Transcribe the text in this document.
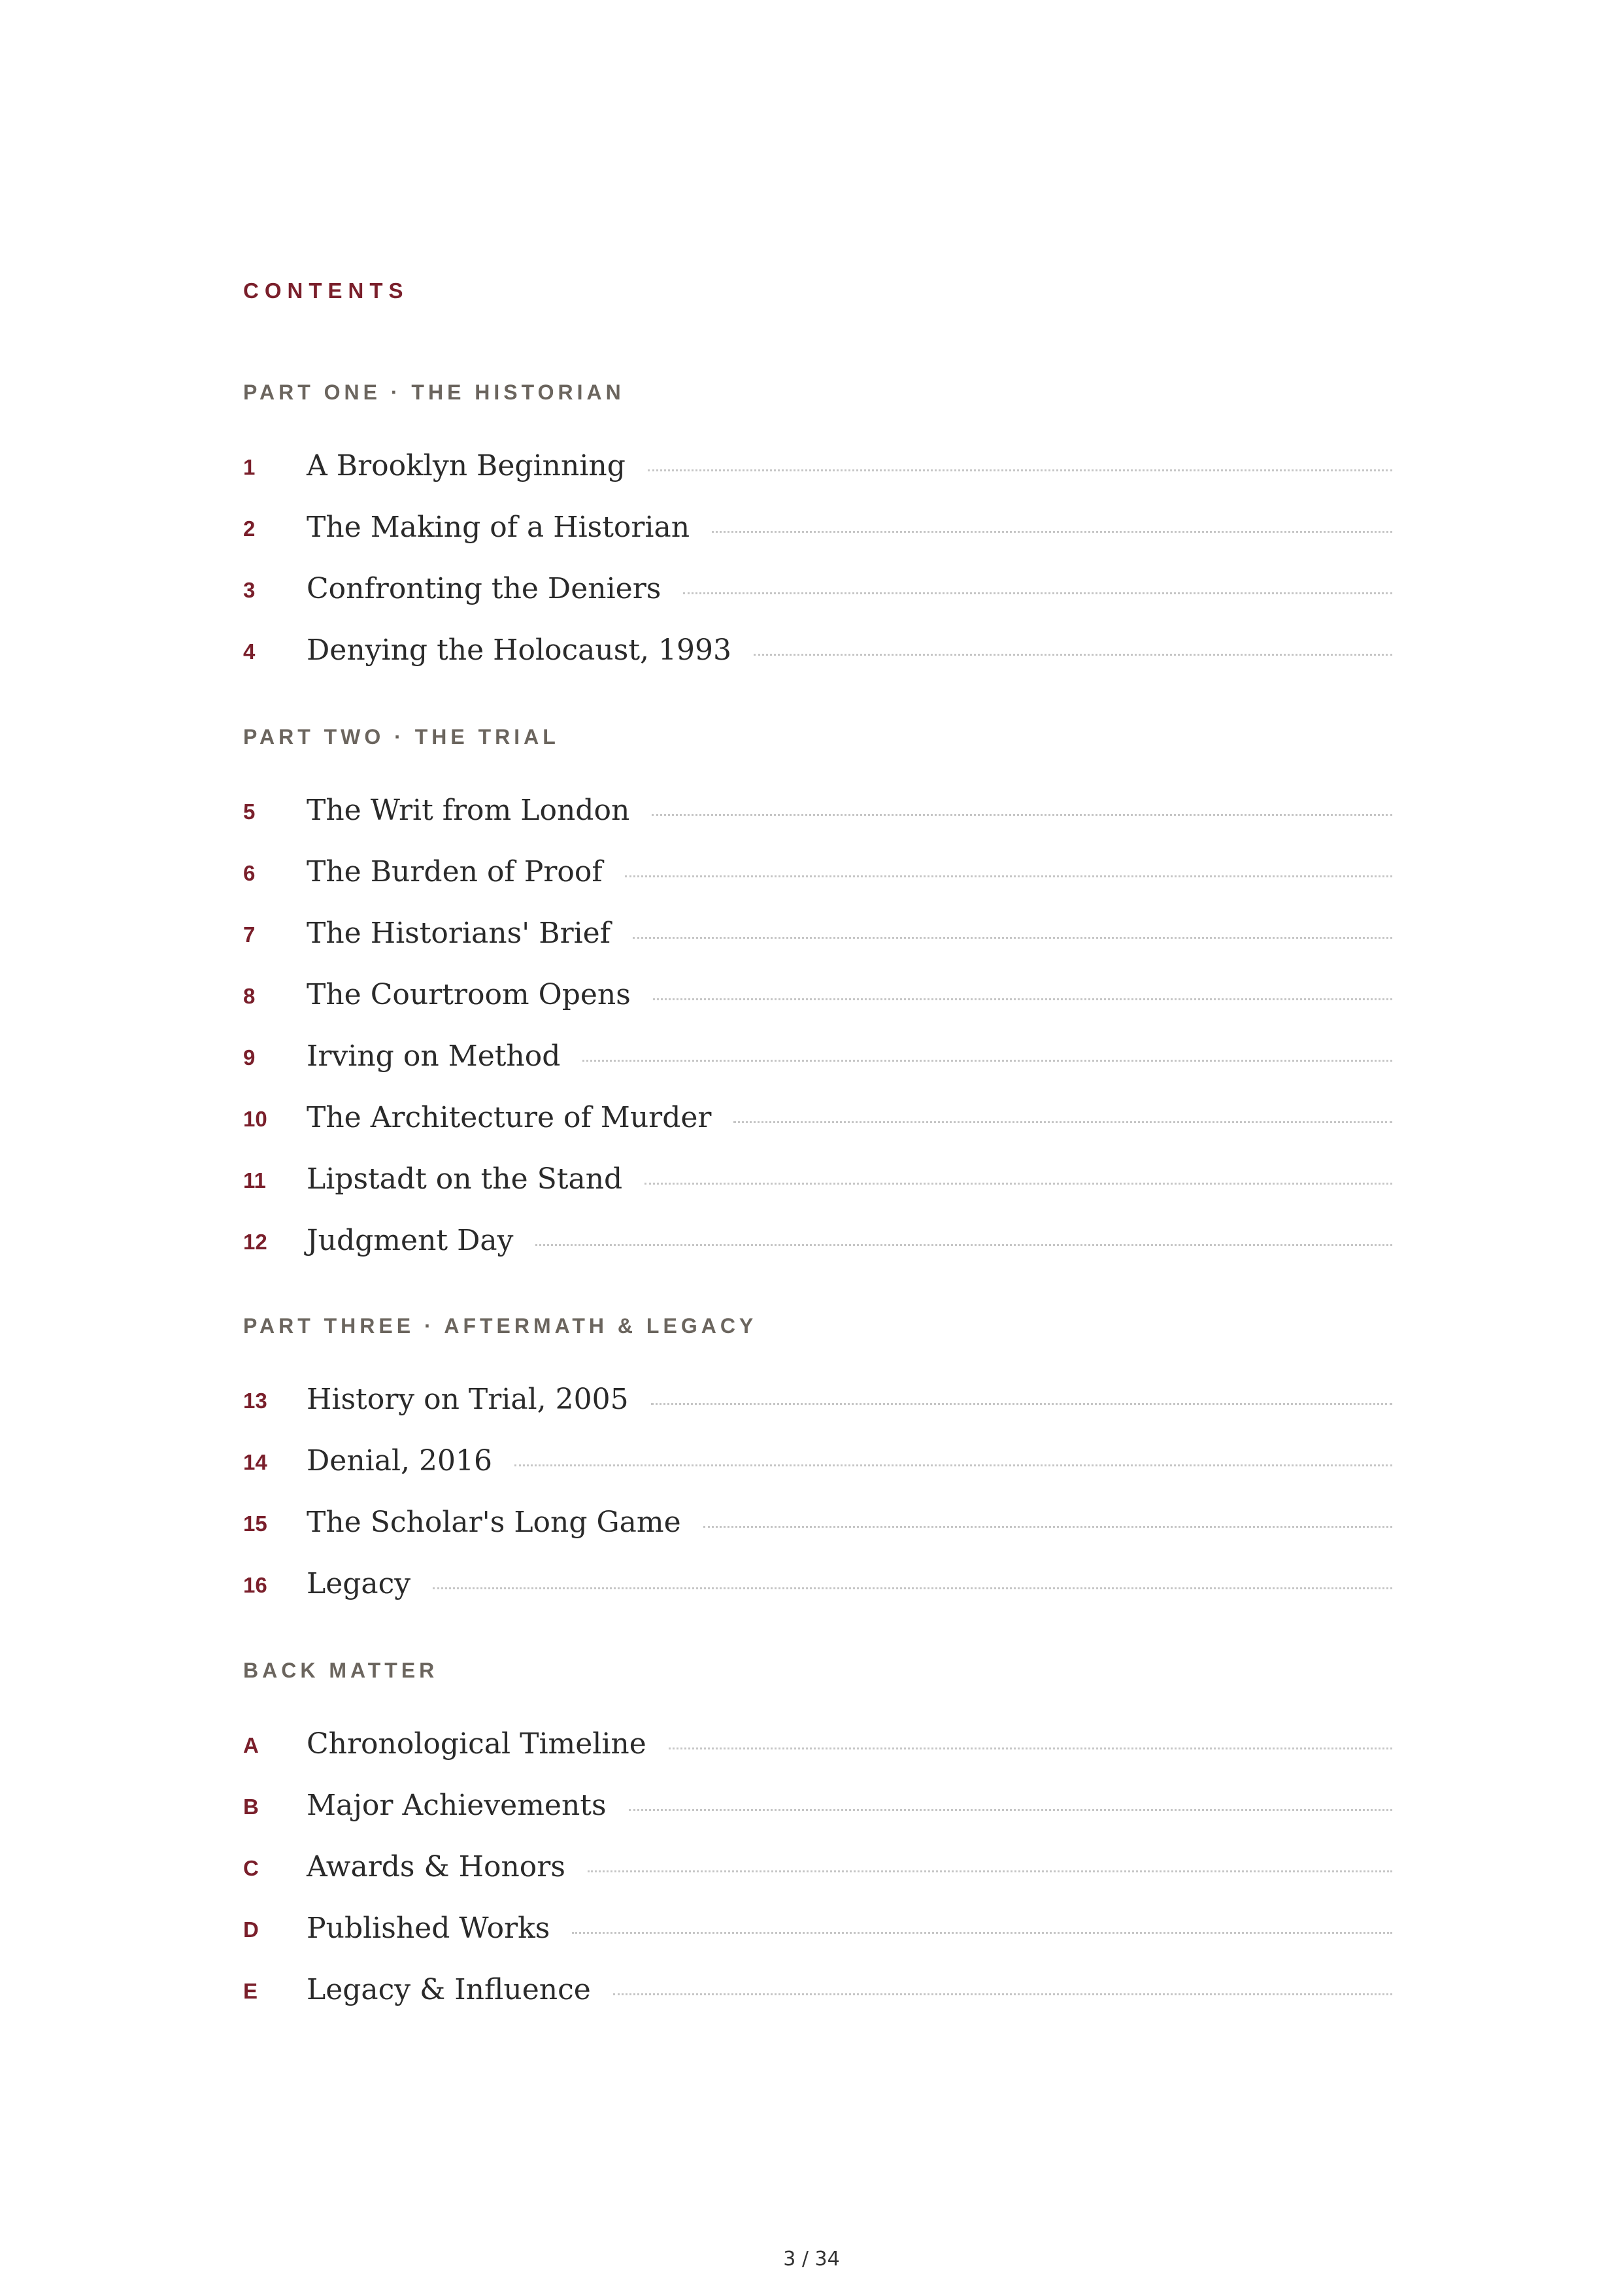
CONTENTS
PART ONE · THE HISTORIAN
1	A Brooklyn Beginning
2	The Making of a Historian
3	Confronting the Deniers
4	Denying the Holocaust, 1993
PART TWO · THE TRIAL
5	The Writ from London
6	The Burden of Proof
7	The Historians' Brief
8	The Courtroom Opens
9	Irving on Method
10	The Architecture of Murder
11	Lipstadt on the Stand
12	Judgment Day
PART THREE · AFTERMATH & LEGACY
13	History on Trial, 2005
14	Denial, 2016
15	The Scholar's Long Game
16	Legacy
BACK MATTER
A	Chronological Timeline
B	Major Achievements
C	Awards & Honors
D	Published Works
E	Legacy & Influence
3 / 34
